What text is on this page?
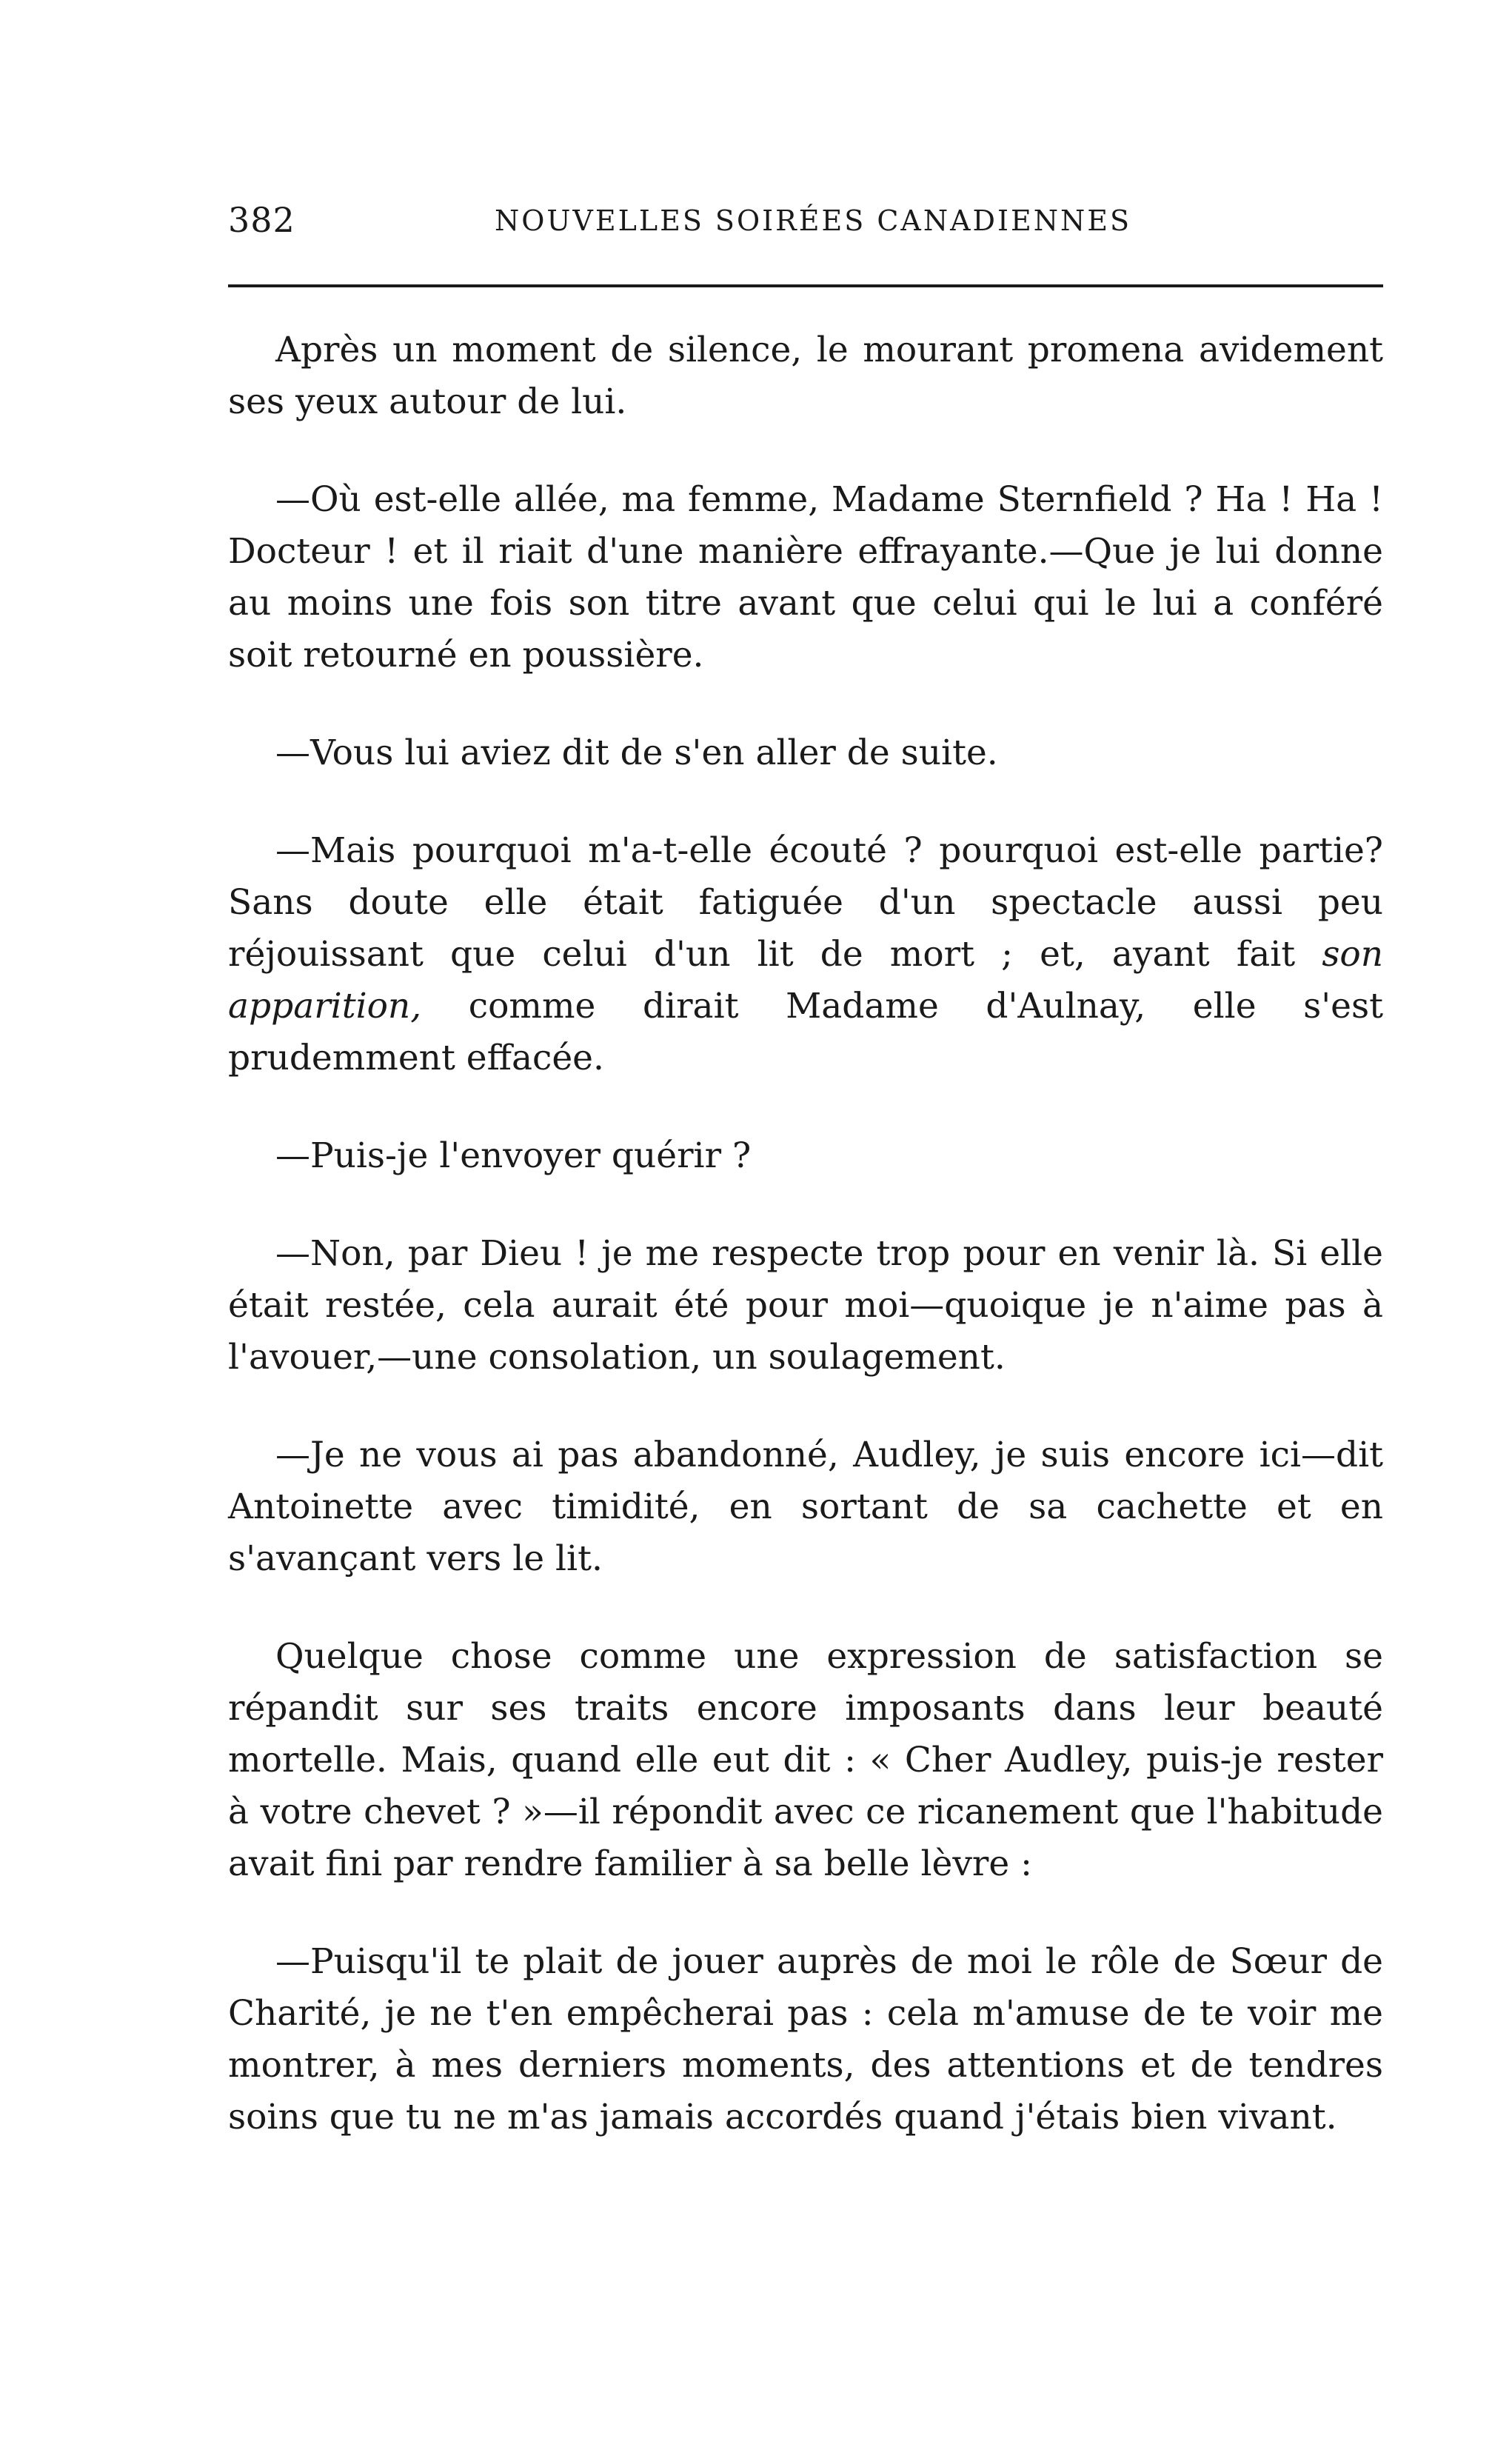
382	NOUVELLES SOIRÉES CANADIENNES

Après un moment de silence, le mourant promena avidement ses yeux autour de lui.

—Où est-elle allée, ma femme, Madame Sternfield ? Ha ! Ha ! Docteur ! et il riait d'une manière effrayante.—Que je lui donne au moins une fois son titre avant que celui qui le lui a conféré soit retourné en poussière.

—Vous lui aviez dit de s'en aller de suite.

—Mais pourquoi m'a-t-elle écouté ? pourquoi est-elle partie? Sans doute elle était fatiguée d'un spectacle aussi peu réjouissant que celui d'un lit de mort ; et, ayant fait son apparition, comme dirait Madame d'Aulnay, elle s'est prudemment effacée.

—Puis-je l'envoyer quérir ?

—Non, par Dieu ! je me respecte trop pour en venir là. Si elle était restée, cela aurait été pour moi—quoique je n'aime pas à l'avouer,—une consolation, un soulagement.

—Je ne vous ai pas abandonné, Audley, je suis encore ici—dit Antoinette avec timidité, en sortant de sa cachette et en s'avançant vers le lit.

Quelque chose comme une expression de satisfaction se répandit sur ses traits encore imposants dans leur beauté mortelle. Mais, quand elle eut dit : « Cher Audley, puis-je rester à votre chevet ? »—il répondit avec ce ricanement que l'habitude avait fini par rendre familier à sa belle lèvre :

—Puisqu'il te plait de jouer auprès de moi le rôle de Sœur de Charité, je ne t'en empêcherai pas : cela m'amuse de te voir me montrer, à mes derniers moments, des attentions et de tendres soins que tu ne m'as jamais accordés quand j'étais bien vivant.
